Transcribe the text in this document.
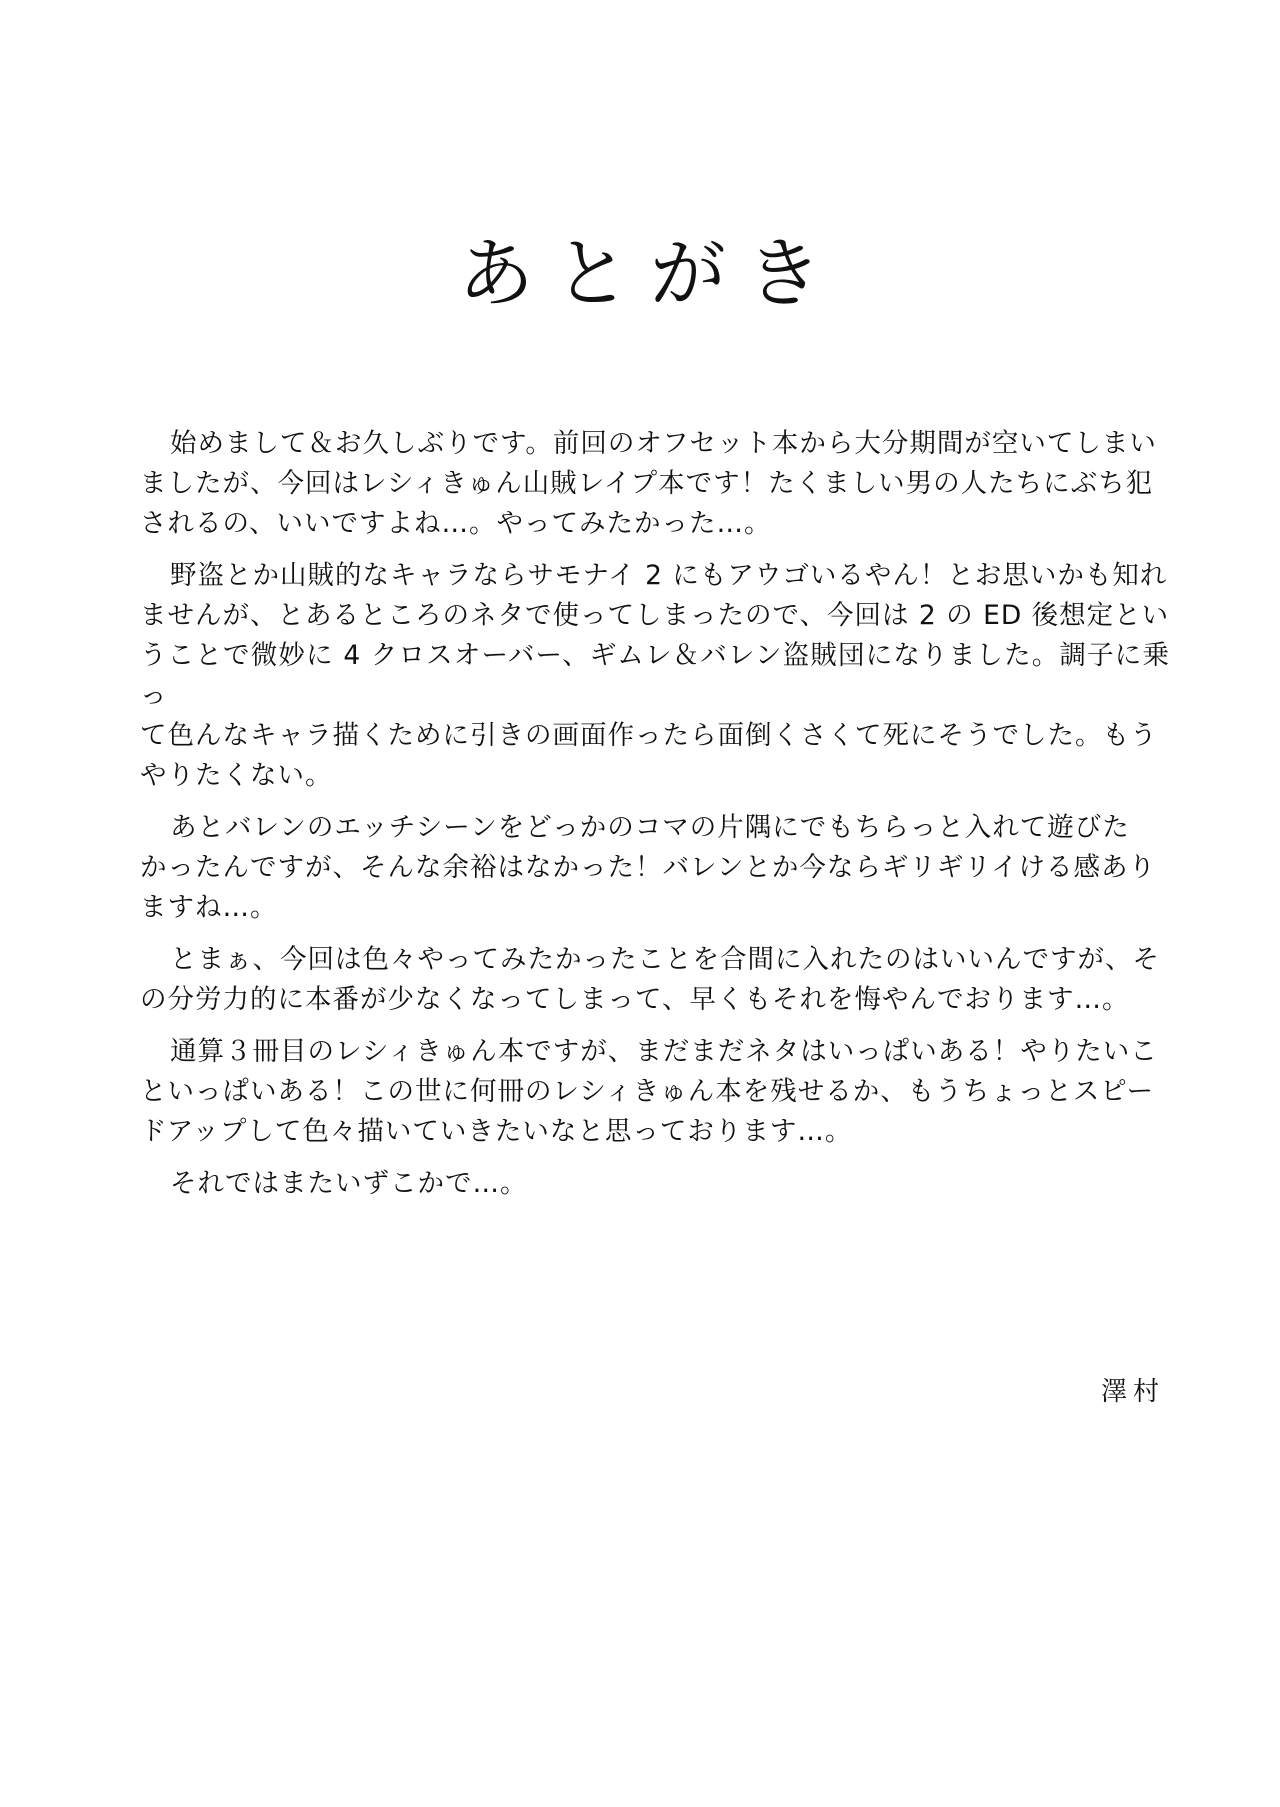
あとがき

始めまして＆お久しぶりです。前回のオフセット本から大分期間が空いてしまい
ましたが、今回はレシィきゅん山賊レイプ本です！たくましい男の人たちにぶち犯
されるの、いいですよね…。やってみたかった…。

野盗とか山賊的なキャラならサモナイ 2 にもアウゴいるやん！とお思いかも知れ
ませんが、とあるところのネタで使ってしまったので、今回は 2 の ED 後想定とい
うことで微妙に 4 クロスオーバー、ギムレ＆バレン盗賊団になりました。調子に乗っ
て色んなキャラ描くために引きの画面作ったら面倒くさくて死にそうでした。もう
やりたくない。

あとバレンのエッチシーンをどっかのコマの片隅にでもちらっと入れて遊びた
かったんですが、そんな余裕はなかった！バレンとか今ならギリギリイける感あり
ますね…。

とまぁ、今回は色々やってみたかったことを合間に入れたのはいいんですが、そ
の分労力的に本番が少なくなってしまって、早くもそれを悔やんでおります…。

通算３冊目のレシィきゅん本ですが、まだまだネタはいっぱいある！やりたいこ
といっぱいある！この世に何冊のレシィきゅん本を残せるか、もうちょっとスピー
ドアップして色々描いていきたいなと思っております…。

それではまたいずこかで…。

澤村
